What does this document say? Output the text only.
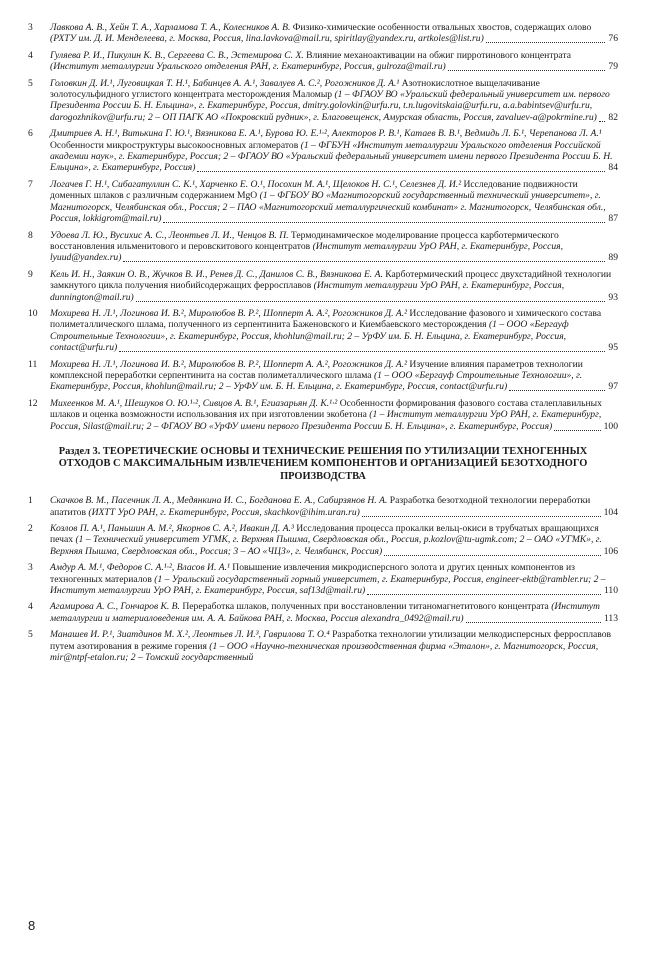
3 Лавкова А. В., Хейн Т. А., Харламова Т. А., Колесников А. В. Физико-химические особенности отвальных хвостов, содержащих олово (РХТУ им. Д. И. Менделеева, г. Москва, Россия, lina.lavkova@mail.ru, spiritlay@yandex.ru, artkoles@list.ru)	76
4 Гуляева Р. И., Пикулин К. В., Сергеева С. В., Эстемирова С. Х. Влияние механоактивации на обжиг пирротинового концентрата (Институт металлургии Уральского отделения РАН, г. Екатеринбург, Россия, gulroza@mail.ru)	79
5 Головкин Д. И.¹, Луговицкая Т. Н.¹, Бабинцев А. А.¹, Завалуев А. С.², Рогожников Д. А.¹ Азотнокислотное выщелачивание золотосульфидного углистого концентрата месторождения Маломыр (1 – ФГАОУ ВО «Уральский федеральный университет им. первого Президента России Б. Н. Ельцина», г. Екатеринбург, Россия, dmitry.golovkin@urfu.ru, t.n.lugovitskaia@urfu.ru, a.a.babintsev@urfu.ru, darogozhnikov@urfu.ru; 2 – ОП ПАГК АО «Покровский рудник», г. Благовещенск, Амурская область, Россия, zavaluev-a@pokrmine.ru) 82
6 Дмитриев А. Н.¹, Витькина Г. Ю.¹, Вязникова Е. А.¹, Бурова Ю. Е.¹·², Алекторов Р. В.¹, Катаев В. В.¹, Ведмидь Л. Б.¹, Черепанова Л. А.¹ Особенности микроструктуры высокоосновных агломератов (1 – ФГБУН «Институт металлургии Уральского отделения Российской академии наук», г. Екатеринбург, Россия; 2 – ФГАОУ ВО «Уральский федеральный университет имени первого Президента России Б. Н. Ельцина», г. Екатеринбург, Россия)	84
7 Логачев Г. Н.¹, Сибагатуллин С. К.¹, Харченко Е. О.¹, Посохин М. А.¹, Щелоков Н. С.¹, Селезнев Д. И.² Исследование подвижности доменных шлаков с различным содержанием MgO (1 – ФГБОУ ВО «Магнитогорский государственный технический университет», г. Магнитогорск, Челябинская обл., Россия; 2 – ПАО «Магнитогорский металлургический комбинат» г. Магнитогорск, Челябинская обл., Россия, lokkigrom@mail.ru)	87
8 Удоева Л. Ю., Вусихис А. С., Леонтьев Л. И., Ченцов В. П. Термодинамическое моделирование процесса карботермического восстановления ильменитового и перовскитового концентратов (Институт металлургии УрО РАН, г. Екатеринбург, Россия, lyuud@yandex.ru)	89
9 Кель И. Н., Заякин О. В., Жучков В. И., Ренев Д. С., Данилов С. В., Вязникова Е. А. Карботермический процесс двухстадийной технологии замкнутого цикла получения ниобийсодержащих ферросплавов (Институт металлургии УрО РАН, г. Екатеринбург, Россия, dunnington@mail.ru)	93
10 Мохирева Н. Л.¹, Логинова И. В.², Миролюбов В. Р.², Шопперт А. А.², Рогожников Д. А.² Исследование фазового и химического состава полиметаллического шлама, полученного из серпентинита Баженовского и Киембаевского месторождения (1 – ООО «Бергауф Строительные Технологии», г. Екатеринбург, Россия, khohlun@mail.ru; 2 – УрФУ им. Б. Н. Ельцина, г. Екатеринбург, Россия, contact@urfu.ru)	95
11 Мохирева Н. Л.¹, Логинова И. В.², Миролюбов В. Р.², Шопперт А. А.², Рогожников Д. А.² Изучение влияния параметров технологии комплексной переработки серпентинита на состав полиметаллического шлама (1 – ООО «Бергауф Строительные Технологии», г. Екатеринбург, Россия, khohlun@mail.ru; 2 – УрФУ им. Б. Н. Ельцина, г. Екатеринбург, Россия, contact@urfu.ru)	97
12 Михеенков М. А.¹, Шешуков О. Ю.¹·², Сивцов А. В.¹, Егиазарьян Д. К.¹·² Особенности формирования фазового состава сталеплавильных шлаков и оценка возможности использования их при изготовлении экобетона (1 – Институт металлургии УрО РАН, г. Екатеринбург, Россия, Silast@mail.ru; 2 – ФГАОУ ВО «УрФУ имени первого Президента России Б. Н. Ельцина», г. Екатеринбург, Россия)	100
Раздел 3. ТЕОРЕТИЧЕСКИЕ ОСНОВЫ И ТЕХНИЧЕСКИЕ РЕШЕНИЯ ПО УТИЛИЗАЦИИ ТЕХНОГЕННЫХ ОТХОДОВ С МАКСИМАЛЬНЫМ ИЗВЛЕЧЕНИЕМ КОМПОНЕНТОВ И ОРГАНИЗАЦИЕЙ БЕЗОТХОДНОГО ПРОИЗВОДСТВА
1 Скачков В. М., Пасечник Л. А., Медянкина И. С., Богданова Е. А., Сабирзянов Н. А. Разработка безотходной технологии переработки апатитов (ИХТТ УрО РАН, г. Екатеринбург, Россия, skachkov@ihim.uran.ru)	104
2 Козлов П. А.¹, Паньшин А. М.², Якорнов С. А.², Ивакин Д. А.³ Исследования процесса прокалки вельц-окиси в трубчатых вращающихся печах (1 – Технический университет УГМК, г. Верхняя Пышма, Свердловская обл., Россия, p.kozlov@tu-ugmk.com; 2 – ОАО «УГМК», г. Верхняя Пышма, Свердловская обл., Россия; 3 – АО «ЧЦЗ», г. Челябинск, Россия)	106
3 Амдур А. М.¹, Федоров С. А.¹·², Власов И. А.¹ Повышение извлечения микродисперсного золота и других ценных компонентов из техногенных материалов (1 – Уральский государственный горный университет, г. Екатеринбург, Россия, engineer-ektb@rambler.ru; 2 – Институт металлургии УрО РАН, г. Екатеринбург, Россия, saf13d@mail.ru)	110
4 Агамирова А. С., Гончаров К. В. Переработка шлаков, полученных при восстановлении титаномагнетитового концентрата (Институт металлургии и материаловедения им. А. А. Байкова РАН, г. Москва, Россия alexandra_0492@mail.ru)	113
5 Манашев И. Р.¹, Зиатдинов М. Х.², Леонтьев Л. И.³, Гаврилова Т. О.⁴ Разработка технологии утилизации мелкодисперсных ферросплавов путем азотирования в режиме горения (1 – ООО «Научно-техническая производственная фирма «Эталон», г. Магнитогорск, Россия, mir@ntpf-etalon.ru; 2 – Томский государственный
8
